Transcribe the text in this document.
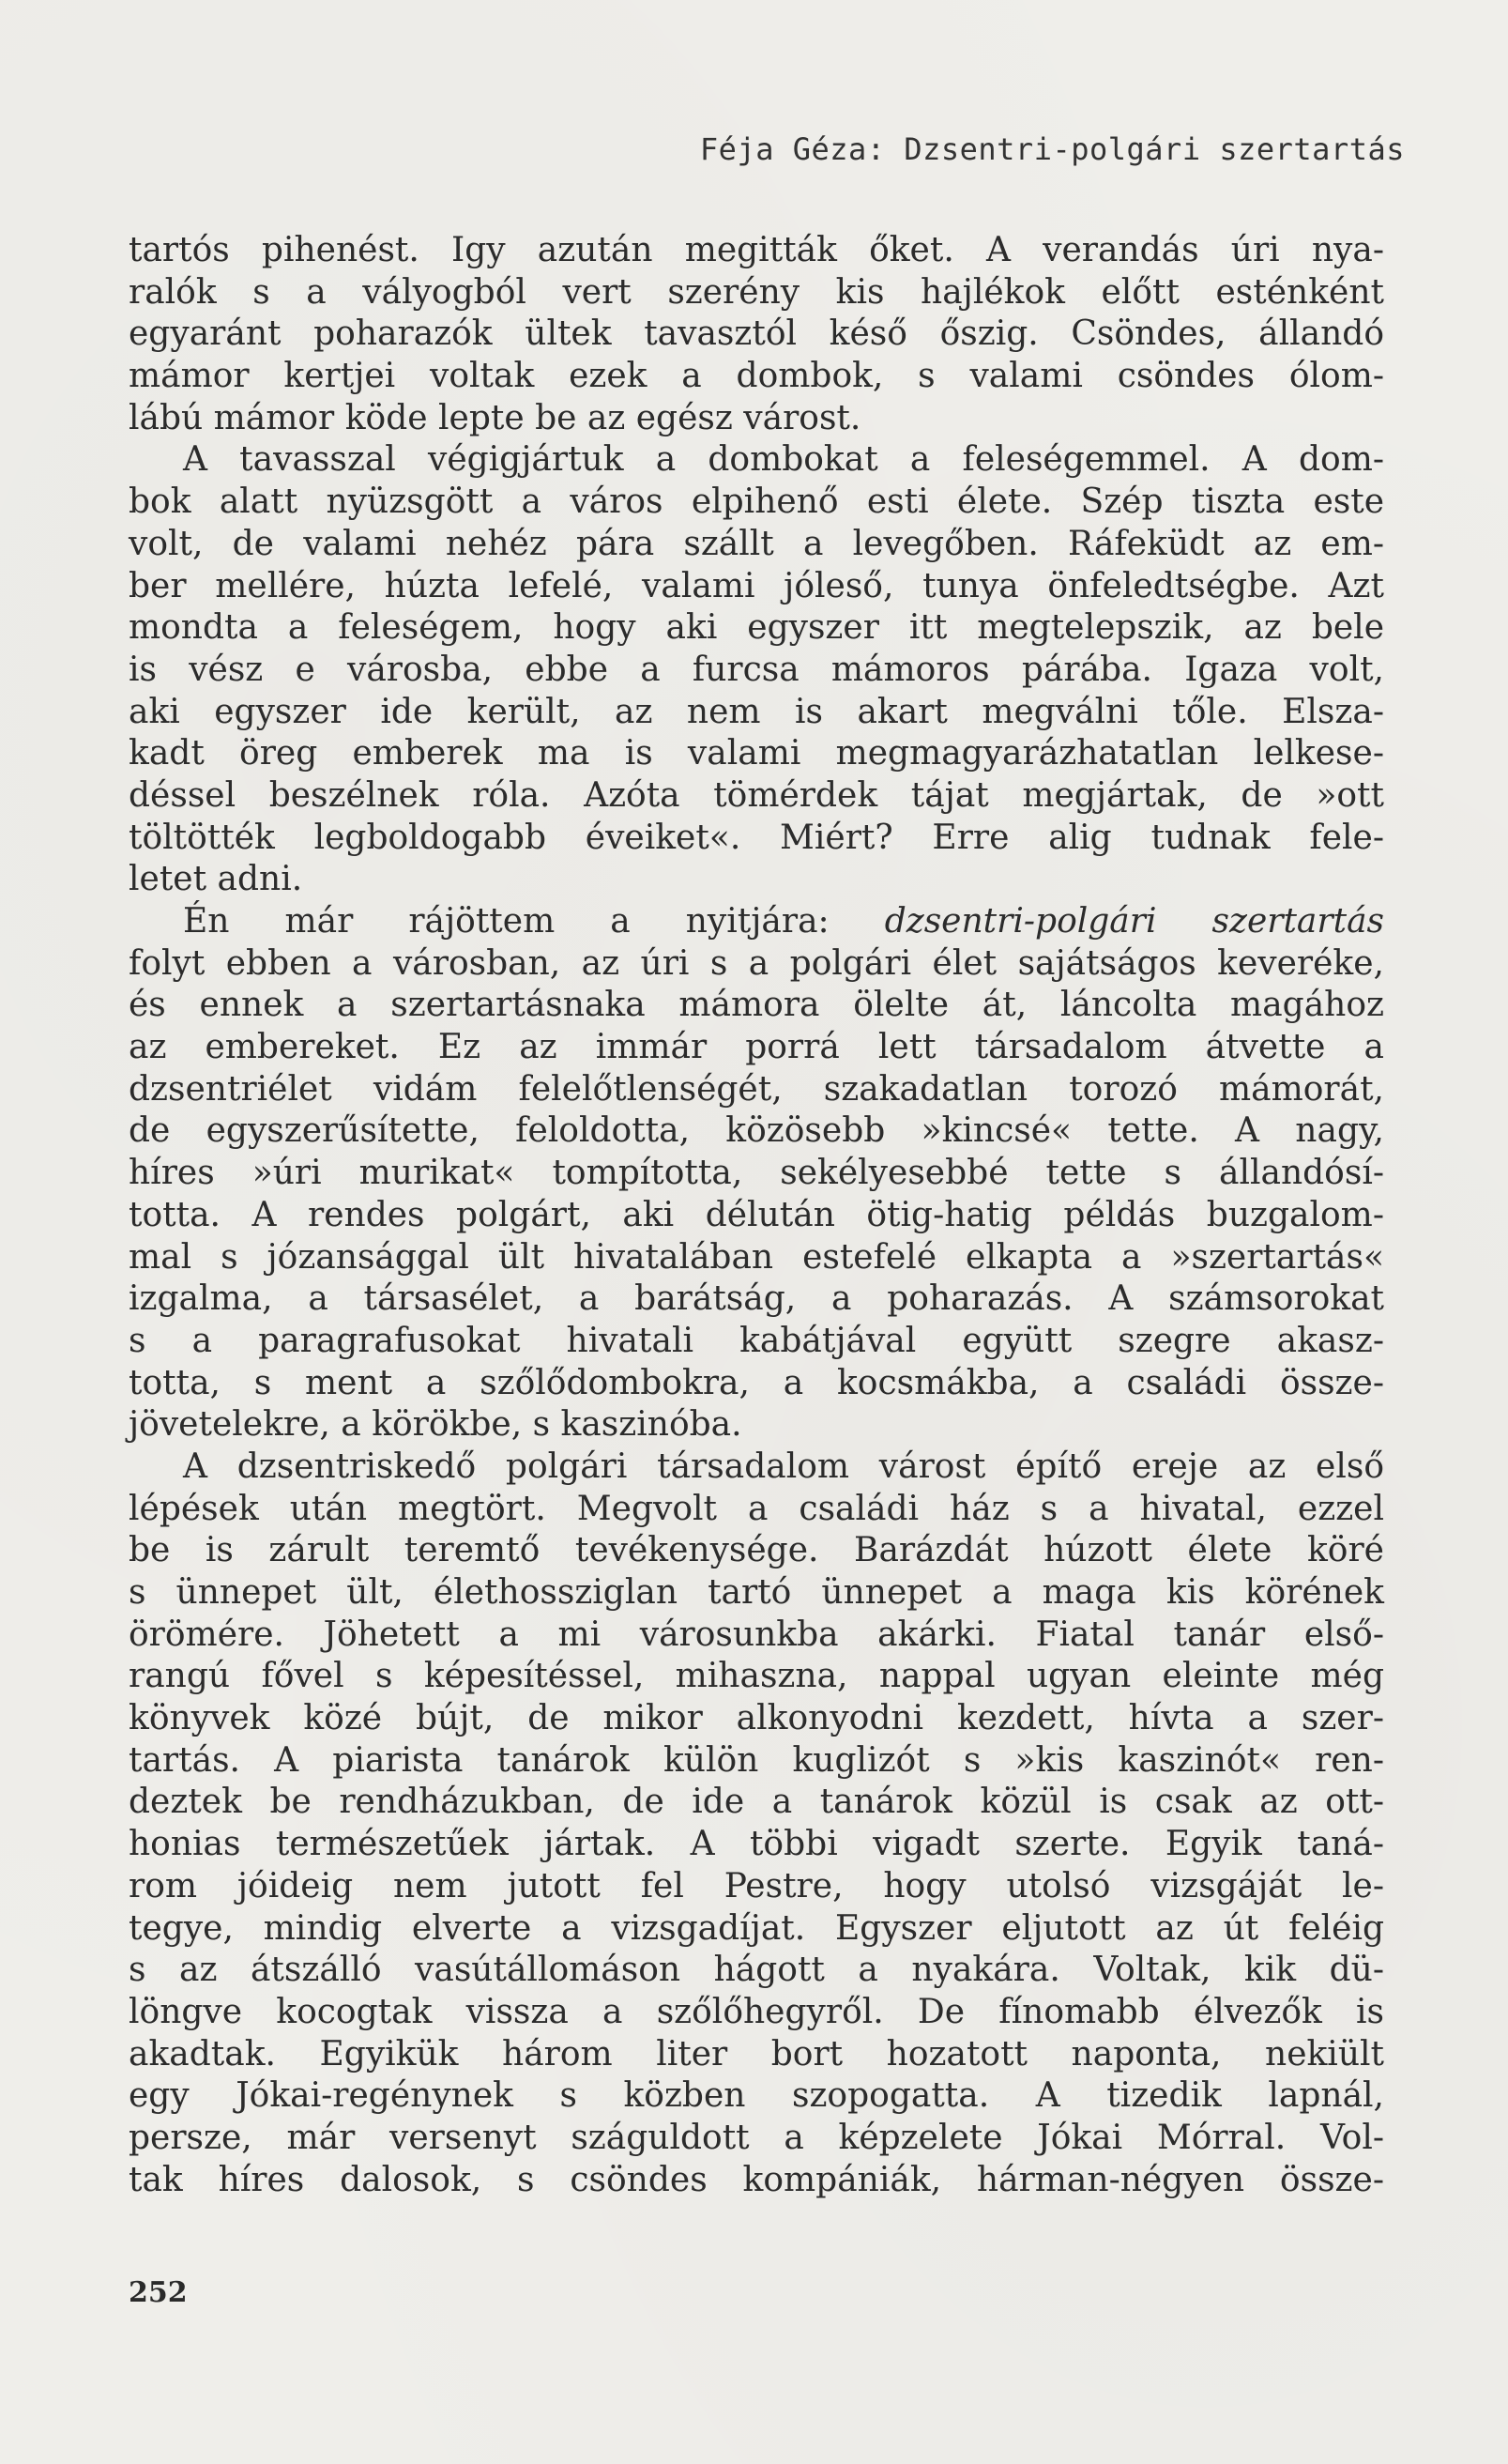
Féja Géza: Dzsentri-polgári szertartás
tartós pihenést. Igy azután megitták őket. A verandás úri nya-
ralók s a vályogból vert szerény kis hajlékok előtt esténként
egyaránt poharazók ültek tavasztól késő őszig. Csöndes, állandó
mámor kertjei voltak ezek a dombok, s valami csöndes ólom-
lábú mámor köde lepte be az egész várost.
A tavasszal végigjártuk a dombokat a feleségemmel. A dom-
bok alatt nyüzsgött a város elpihenő esti élete. Szép tiszta este
volt, de valami nehéz pára szállt a levegőben. Ráfeküdt az em-
ber mellére, húzta lefelé, valami jóleső, tunya önfeledtségbe. Azt
mondta a feleségem, hogy aki egyszer itt megtelepszik, az bele
is vész e városba, ebbe a furcsa mámoros párába. Igaza volt,
aki egyszer ide került, az nem is akart megválni tőle. Elsza-
kadt öreg emberek ma is valami megmagyarázhatatlan lelkese-
déssel beszélnek róla. Azóta tömérdek tájat megjártak, de »ott
töltötték legboldogabb éveiket«. Miért? Erre alig tudnak fele-
letet adni.
Én már rájöttem a nyitjára: dzsentri-polgári szertartás
folyt ebben a városban, az úri s a polgári élet sajátságos keveréke,
és ennek a szertartásnaka mámora ölelte át, láncolta magához
az embereket. Ez az immár porrá lett társadalom átvette a
dzsentriélet vidám felelőtlenségét, szakadatlan torozó mámorát,
de egyszerűsítette, feloldotta, közösebb »kincsé« tette. A nagy,
híres »úri murikat« tompította, sekélyesebbé tette s állandósí-
totta. A rendes polgárt, aki délután ötig-hatig példás buzgalom-
mal s józansággal ült hivatalában estefelé elkapta a »szertartás«
izgalma, a társasélet, a barátság, a poharazás. A számsorokat
s a paragrafusokat hivatali kabátjával együtt szegre akasz-
totta, s ment a szőlődombokra, a kocsmákba, a családi össze-
jövetelekre, a körökbe, s kaszinóba.
A dzsentriskedő polgári társadalom várost építő ereje az első
lépések után megtört. Megvolt a családi ház s a hivatal, ezzel
be is zárult teremtő tevékenysége. Barázdát húzott élete köré
s ünnepet ült, élethossziglan tartó ünnepet a maga kis körének
örömére. Jöhetett a mi városunkba akárki. Fiatal tanár első-
rangú fővel s képesítéssel, mihaszna, nappal ugyan eleinte még
könyvek közé bújt, de mikor alkonyodni kezdett, hívta a szer-
tartás. A piarista tanárok külön kuglizót s »kis kaszinót« ren-
deztek be rendházukban, de ide a tanárok közül is csak az ott-
honias természetűek jártak. A többi vigadt szerte. Egyik taná-
rom jóideig nem jutott fel Pestre, hogy utolsó vizsgáját le-
tegye, mindig elverte a vizsgadíjat. Egyszer eljutott az út feléig
s az átszálló vasútállomáson hágott a nyakára. Voltak, kik dü-
löngve kocogtak vissza a szőlőhegyről. De fínomabb élvezők is
akadtak. Egyikük három liter bort hozatott naponta, nekiült
egy Jókai-regénynek s közben szopogatta. A tizedik lapnál,
persze, már versenyt száguldott a képzelete Jókai Mórral. Vol-
tak híres dalosok, s csöndes kompániák, hárman-négyen össze-
252
